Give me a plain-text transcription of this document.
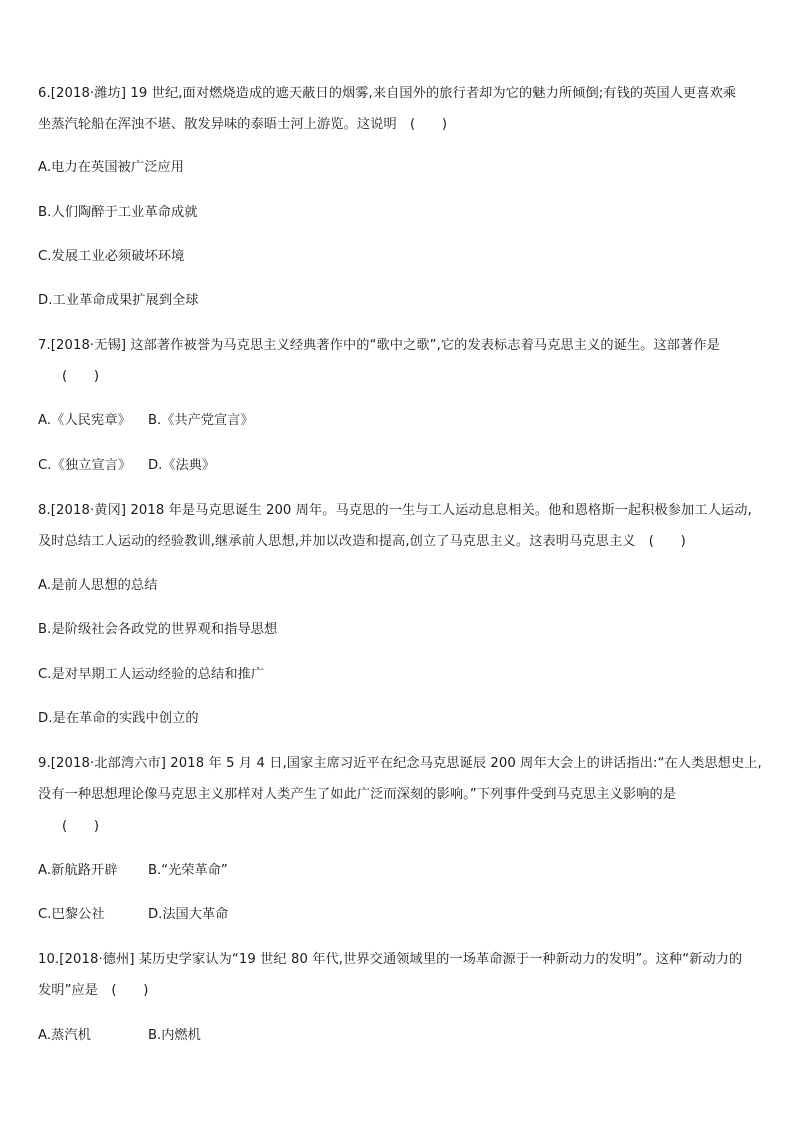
6.[2018·潍坊] 19 世纪,面对燃烧造成的遮天蔽日的烟雾,来自国外的旅行者却为它的魅力所倾倒;有钱的英国人更喜欢乘
坐蒸汽轮船在浑浊不堪、散发异味的泰晤士河上游览。这说明　(　　)
A.电力在英国被广泛应用
B.人们陶醉于工业革命成就
C.发展工业必须破坏环境
D.工业革命成果扩展到全球
7.[2018·无锡] 这部著作被誉为马克思主义经典著作中的“歌中之歌”,它的发表标志着马克思主义的诞生。这部著作是
(　　)
A.《人民宪章》 B.《共产党宣言》
C.《独立宣言》 D.《法典》
8.[2018·黄冈] 2018 年是马克思诞生 200 周年。马克思的一生与工人运动息息相关。他和恩格斯一起积极参加工人运动,
及时总结工人运动的经验教训,继承前人思想,并加以改造和提高,创立了马克思主义。这表明马克思主义　(　　)
A.是前人思想的总结
B.是阶级社会各政党的世界观和指导思想
C.是对早期工人运动经验的总结和推广
D.是在革命的实践中创立的
9.[2018·北部湾六市] 2018 年 5 月 4 日,国家主席习近平在纪念马克思诞辰 200 周年大会上的讲话指出:“在人类思想史上,
没有一种思想理论像马克思主义那样对人类产生了如此广泛而深刻的影响。”下列事件受到马克思主义影响的是
(　　)
A.新航路开辟 B.“光荣革命”
C.巴黎公社	D.法国大革命
10.[2018·德州] 某历史学家认为“19 世纪 80 年代,世界交通领域里的一场革命源于一种新动力的发明”。这种“新动力的
发明”应是　(　　)
A.蒸汽机	B.内燃机
